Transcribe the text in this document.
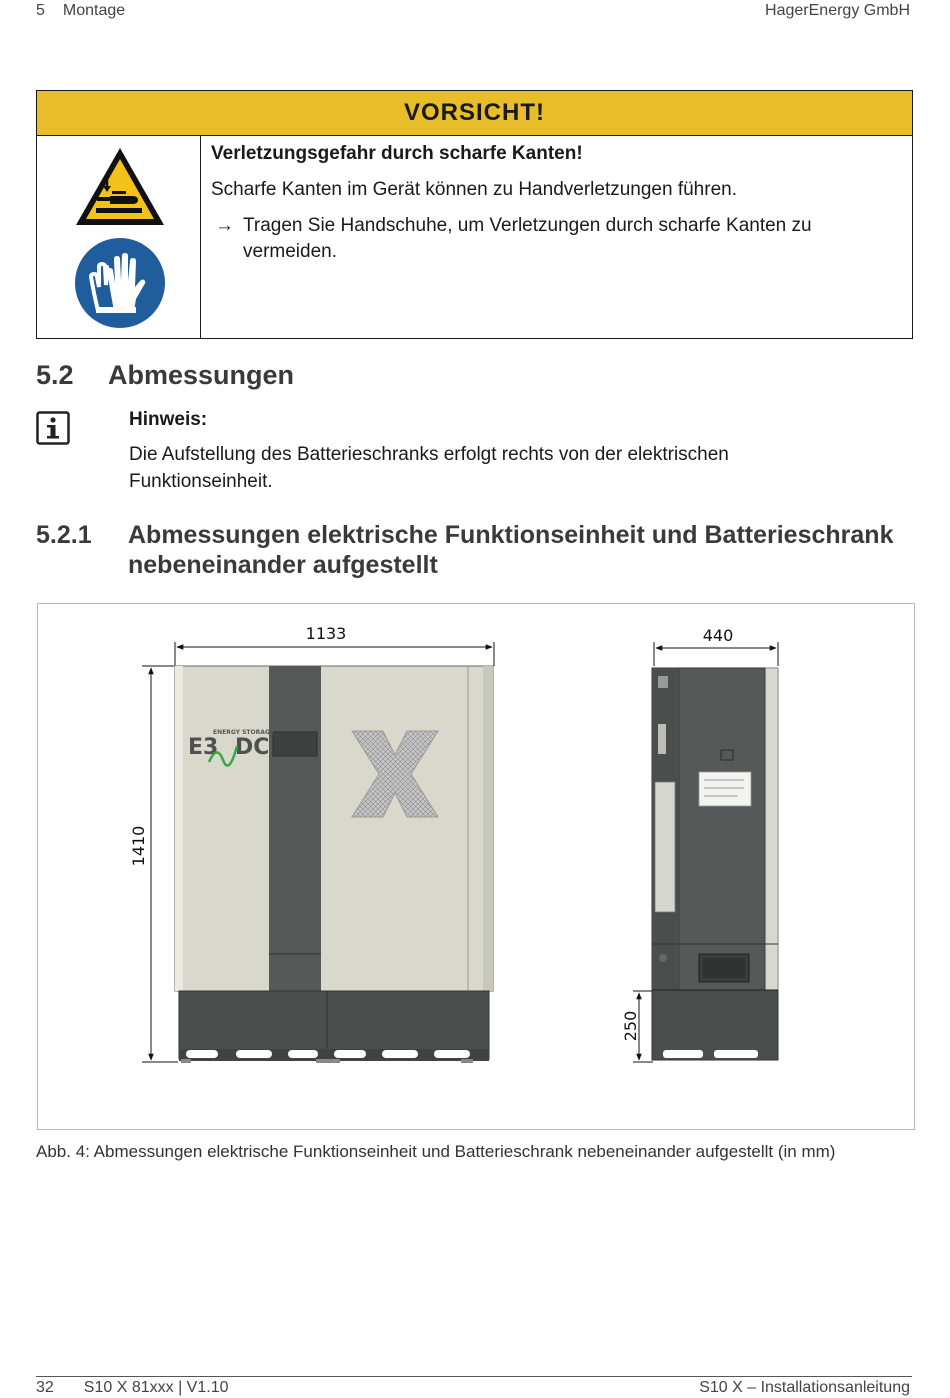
5 Montage	HagerEnergy GmbH
VORSICHT!

Verletzungsgefahr durch scharfe Kanten!

Scharfe Kanten im Gerät können zu Handverletzungen führen.

→ Tragen Sie Handschuhe, um Verletzungen durch scharfe Kanten zu vermeiden.

5.2 Abmessungen

Hinweis:

Die Aufstellung des Batterieschranks erfolgt rechts von der elektrischen Funktionseinheit.

5.2.1 Abmessungen elektrische Funktionseinheit und Batterieschrank nebeneinander aufgestellt
1133
1410
ENERGY STORAGE
E3 DC
440
250
Abb. 4: Abmessungen elektrische Funktionseinheit und Batterieschrank nebeneinander aufgestellt (in mm)
32 S10 X 81xxx | V1.10	S10 X – Installationsanleitung
